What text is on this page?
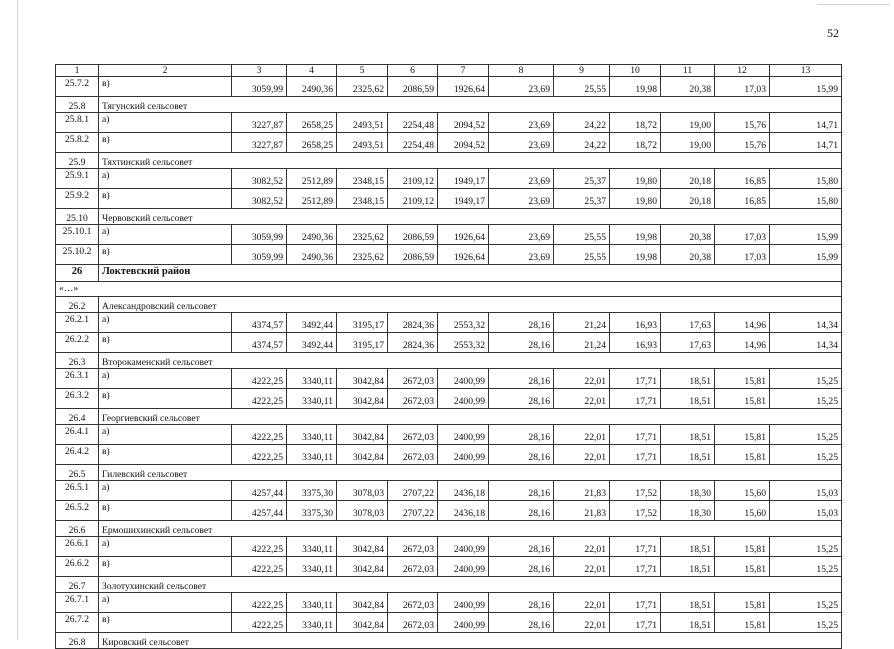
52
1	2	3	4	5	6	7	8	9	10	11	12	13
25.7.2	в)	3059,99	2490,36	2325,62	2086,59	1926,64	23,69	25,55	19,98	20,38	17,03	15,99
25.8	Тягунский сельсовет											
25.8.1	а)	3227,87	2658,25	2493,51	2254,48	2094,52	23,69	24,22	18,72	19,00	15,76	14,71
25.8.2	в)	3227,87	2658,25	2493,51	2254,48	2094,52	23,69	24,22	18,72	19,00	15,76	14,71
25.9	Тяхтинский сельсовет											
25.9.1	а)	3082,52	2512,89	2348,15	2109,12	1949,17	23,69	25,37	19,80	20,18	16,85	15,80
25.9.2	в)	3082,52	2512,89	2348,15	2109,12	1949,17	23,69	25,37	19,80	20,18	16,85	15,80
25.10	Червовский сельсовет											
25.10.1	а)	3059,99	2490,36	2325,62	2086,59	1926,64	23,69	25,55	19,98	20,38	17,03	15,99
25.10.2	в)	3059,99	2490,36	2325,62	2086,59	1926,64	23,69	25,55	19,98	20,38	17,03	15,99
26	Локтевский район											
«…»												
26.2	Александровский сельсовет											
26.2.1	а)	4374,57	3492,44	3195,17	2824,36	2553,32	28,16	21,24	16,93	17,63	14,96	14,34
26.2.2	в)	4374,57	3492,44	3195,17	2824,36	2553,32	28,16	21,24	16,93	17,63	14,96	14,34
26.3	Второкаменский сельсовет											
26.3.1	а)	4222,25	3340,11	3042,84	2672,03	2400,99	28,16	22,01	17,71	18,51	15,81	15,25
26.3.2	в)	4222,25	3340,11	3042,84	2672,03	2400,99	28,16	22,01	17,71	18,51	15,81	15,25
26.4	Георгиевский сельсовет											
26.4.1	а)	4222,25	3340,11	3042,84	2672,03	2400,99	28,16	22,01	17,71	18,51	15,81	15,25
26.4.2	в)	4222,25	3340,11	3042,84	2672,03	2400,99	28,16	22,01	17,71	18,51	15,81	15,25
26.5	Гилевский сельсовет											
26.5.1	а)	4257,44	3375,30	3078,03	2707,22	2436,18	28,16	21,83	17,52	18,30	15,60	15,03
26.5.2	в)	4257,44	3375,30	3078,03	2707,22	2436,18	28,16	21,83	17,52	18,30	15,60	15,03
26.6	Ермошихинский сельсовет											
26.6.1	а)	4222,25	3340,11	3042,84	2672,03	2400,99	28,16	22,01	17,71	18,51	15,81	15,25
26.6.2	в)	4222,25	3340,11	3042,84	2672,03	2400,99	28,16	22,01	17,71	18,51	15,81	15,25
26.7	Золотухинский сельсовет											
26.7.1	а)	4222,25	3340,11	3042,84	2672,03	2400,99	28,16	22,01	17,71	18,51	15,81	15,25
26.7.2	в)	4222,25	3340,11	3042,84	2672,03	2400,99	28,16	22,01	17,71	18,51	15,81	15,25
26.8	Кировский сельсовет											
